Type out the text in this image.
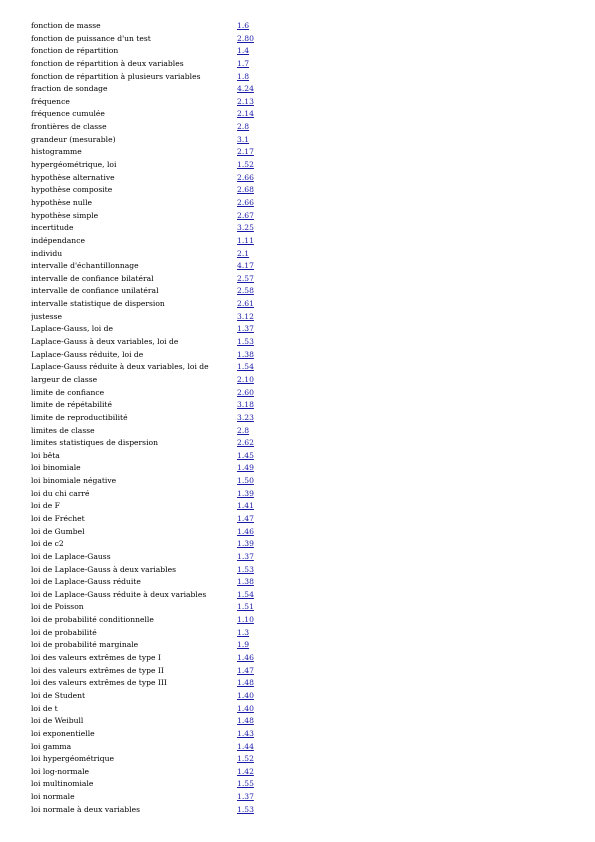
fonction de masse	1.6
fonction de puissance d'un test	2.80
fonction de répartition	1.4
fonction de répartition à deux variables	1.7
fonction de répartition à plusieurs variables	1.8
fraction de sondage	4.24
fréquence	2.13
fréquence cumulée	2.14
frontières de classe	2.8
grandeur (mesurable)	3.1
histogramme	2.17
hypergéométrique, loi	1.52
hypothèse alternative	2.66
hypothèse composite	2.68
hypothèse nulle	2.66
hypothèse simple	2.67
incertitude	3.25
indépendance	1.11
individu	2.1
intervalle d'échantillonnage	4.17
intervalle de confiance bilatéral	2.57
intervalle de confiance unilatéral	2.58
intervalle statistique de dispersion	2.61
justesse	3.12
Laplace-Gauss, loi de	1.37
Laplace-Gauss à deux variables, loi de	1.53
Laplace-Gauss réduite, loi de	1.38
Laplace-Gauss réduite à deux variables, loi de	1.54
largeur de classe	2.10
limite de confiance	2.60
limite de répétabilité	3.18
limite de reproductibilité	3.23
limites de classe	2.8
limites statistiques de dispersion	2.62
loi bêta	1.45
loi binomiale	1.49
loi binomiale négative	1.50
loi du chi carré	1.39
loi de F	1.41
loi de Fréchet	1.47
loi de Gumbel	1.46
loi de c2	1.39
loi de Laplace-Gauss	1.37
loi de Laplace-Gauss à deux variables	1.53
loi de Laplace-Gauss réduite	1.38
loi de Laplace-Gauss réduite à deux variables	1.54
loi de Poisson	1.51
loi de probabilité conditionnelle	1.10
loi de probabilité	1.3
loi de probabilité marginale	1.9
loi des valeurs extrêmes de type I	1.46
loi des valeurs extrêmes de type II	1.47
loi des valeurs extrêmes de type III	1.48
loi de Student	1.40
loi de t	1.40
loi de Weibull	1.48
loi exponentielle	1.43
loi gamma	1.44
loi hypergéométrique	1.52
loi log-normale	1.42
loi multinomiale	1.55
loi normale	1.37
loi normale à deux variables	1.53
